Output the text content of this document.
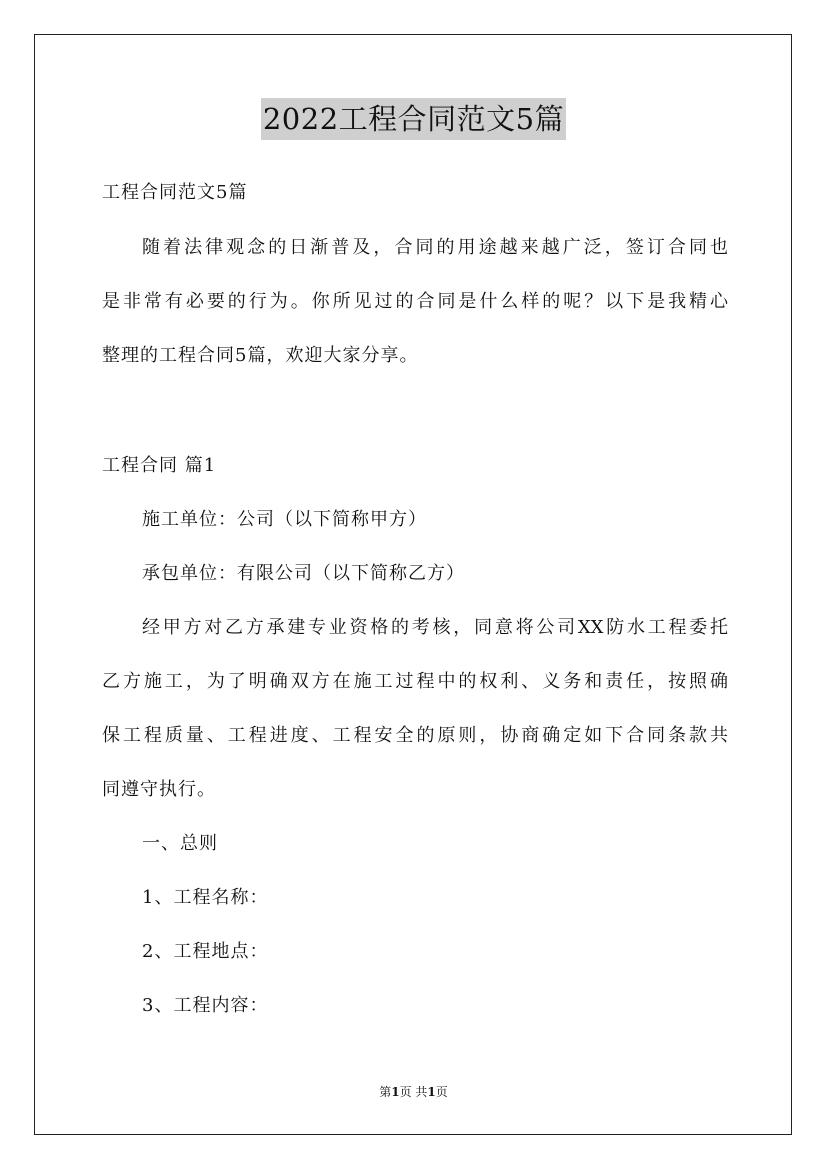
2022工程合同范文5篇
工程合同范文5篇
随着法律观念的日渐普及，合同的用途越来越广泛，签订合同也
是非常有必要的行为。你所见过的合同是什么样的呢？以下是我精心
整理的工程合同5篇，欢迎大家分享。
工程合同 篇1
施工单位：公司（以下简称甲方）
承包单位：有限公司（以下简称乙方）
经甲方对乙方承建专业资格的考核，同意将公司XX防水工程委托
乙方施工，为了明确双方在施工过程中的权利、义务和责任，按照确
保工程质量、工程进度、工程安全的原则，协商确定如下合同条款共
同遵守执行。
一、总则
1、工程名称：
2、工程地点：
3、工程内容：
第1页 共1页
